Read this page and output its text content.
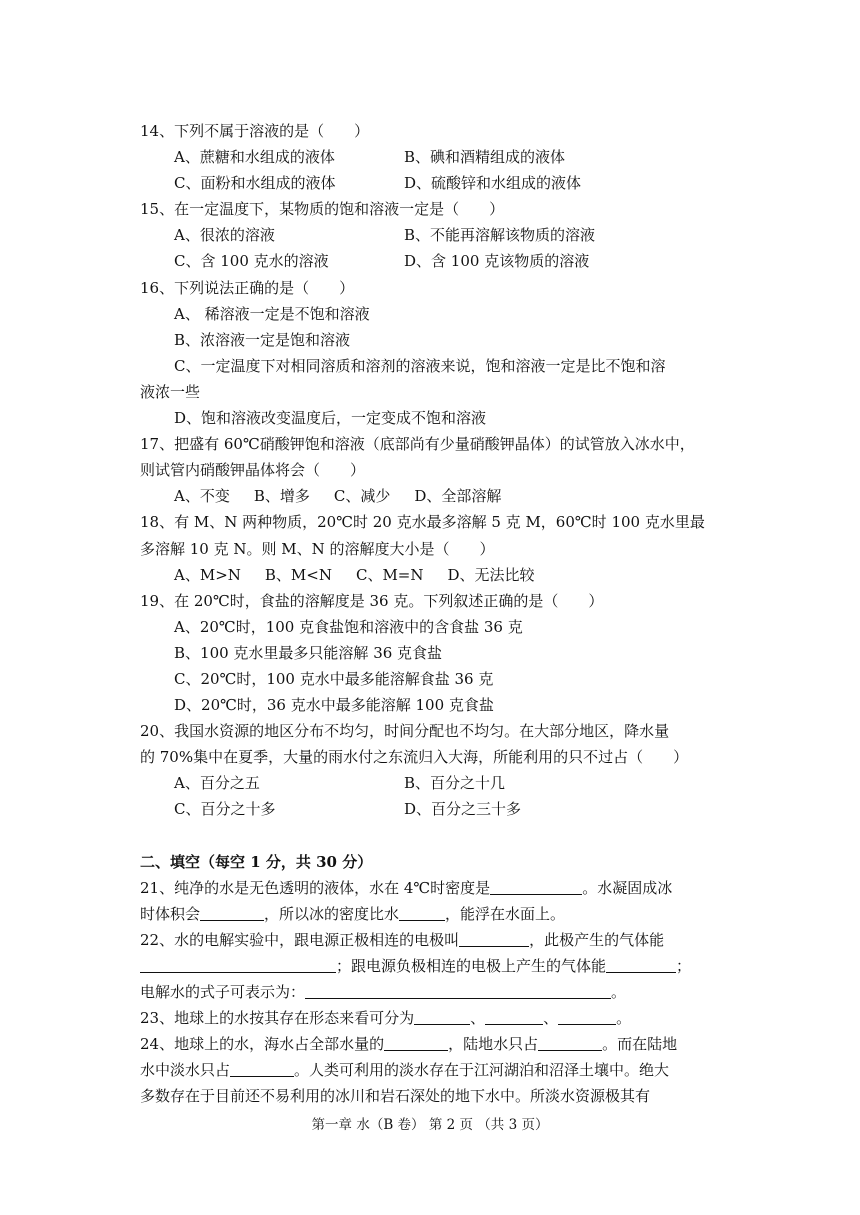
14、下列不属于溶液的是（　　）
A、蔗糖和水组成的液体	B、碘和酒精组成的液体
C、面粉和水组成的液体	D、硫酸锌和水组成的液体
15、在一定温度下，某物质的饱和溶液一定是（　　）
A、很浓的溶液	B、不能再溶解该物质的溶液
C、含 100 克水的溶液	D、含 100 克该物质的溶液
16、下列说法正确的是（　　）
A、 稀溶液一定是不饱和溶液
B、浓溶液一定是饱和溶液
C、一定温度下对相同溶质和溶剂的溶液来说，饱和溶液一定是比不饱和溶
液浓一些
D、饱和溶液改变温度后，一定变成不饱和溶液
17、把盛有 60℃硝酸钾饱和溶液（底部尚有少量硝酸钾晶体）的试管放入冰水中，
则试管内硝酸钾晶体将会（　　）
A、不变 B、增多 C、减少 D、全部溶解
18、有 M、N 两种物质，20℃时 20 克水最多溶解 5 克 M，60℃时 100 克水里最
多溶解 10 克 N。则 M、N 的溶解度大小是（　　）
A、M>N B、M<N C、M=N D、无法比较
19、在 20℃时，食盐的溶解度是 36 克。下列叙述正确的是（　　）
A、20℃时，100 克食盐饱和溶液中的含食盐 36 克
B、100 克水里最多只能溶解 36 克食盐
C、20℃时，100 克水中最多能溶解食盐 36 克
D、20℃时，36 克水中最多能溶解 100 克食盐
20、我国水资源的地区分布不均匀，时间分配也不均匀。在大部分地区，降水量
的 70%集中在夏季，大量的雨水付之东流归入大海，所能利用的只不过占（　　）
A、百分之五	B、百分之十几
C、百分之十多	D、百分之三十多
二、填空（每空 1 分，共 30 分）
21、纯净的水是无色透明的液体，水在 4℃时密度是	。水凝固成冰
时体积会	，所以冰的密度比水	，能浮在水面上。
22、水的电解实验中，跟电源正极相连的电极叫	，此极产生的气体能
；跟电源负极相连的电极上产生的气体能	；
电解水的式子可表示为：	。
23、地球上的水按其存在形态来看可分为	、	、	。
24、地球上的水，海水占全部水量的	，陆地水只占	。而在陆地
水中淡水只占	。人类可利用的淡水存在于江河湖泊和沼泽土壤中。绝大
多数存在于目前还不易利用的冰川和岩石深处的地下水中。所淡水资源极其有
第一章 水（B 卷） 第 2 页 （共 3 页）
